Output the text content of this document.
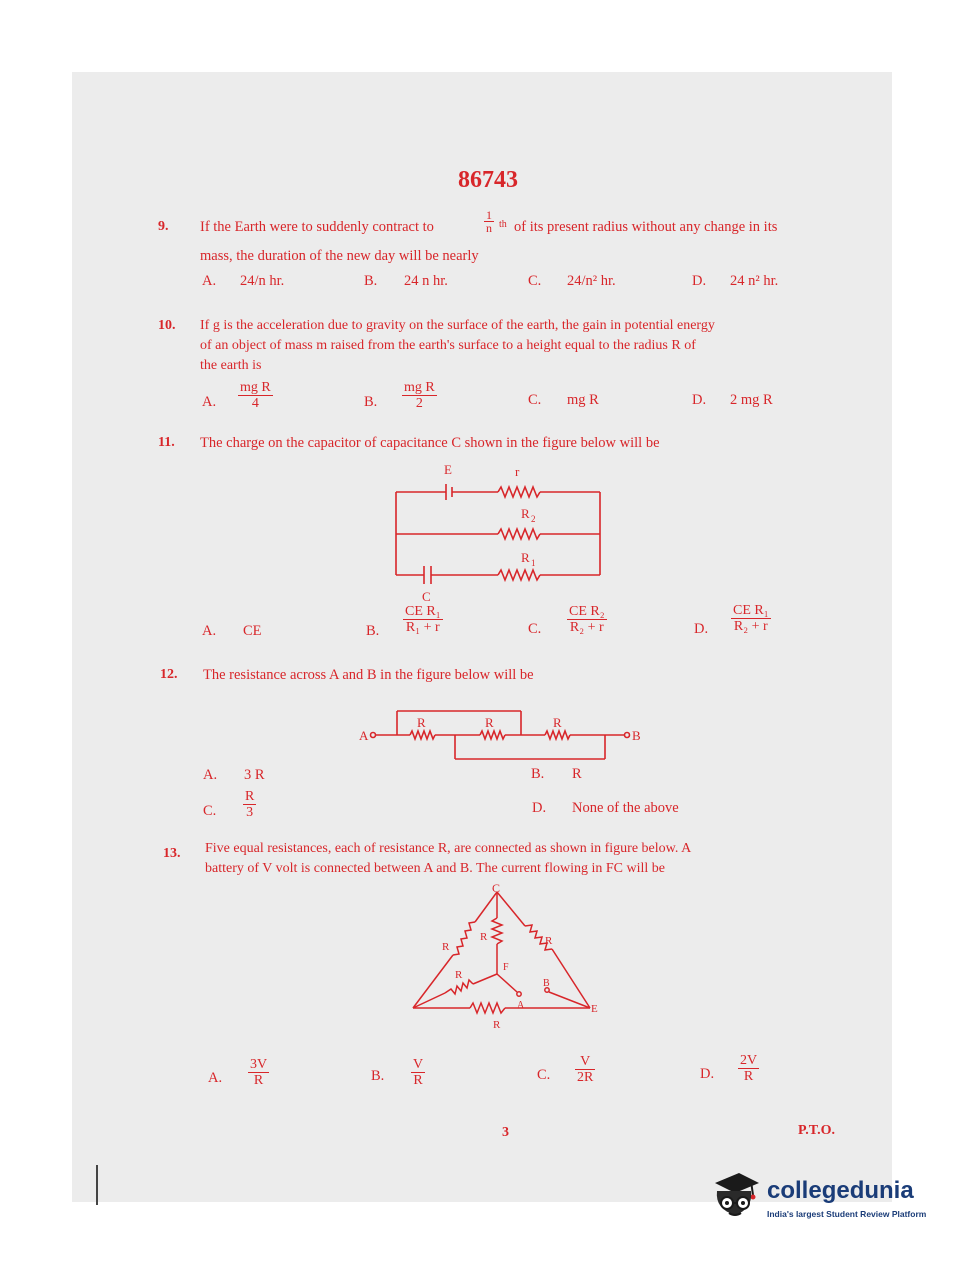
86743
9. If the Earth were to suddenly contract to	$\frac{1}{n}$ th of its present radius without any change in its
mass, the duration of the new day will be nearly
A. 24/n hr.	B. 24 n hr.	C. 24/n² hr.	D. 24 n² hr.
10. If g is the acceleration due to gravity on the surface of the earth, the gain in potential energy
of an object of mass m raised from the earth's surface to a height equal to the radius R of
the earth is
A. $\frac{\text{mg R}}{4}$	B. $\frac{\text{mg R}}{2}$	C. mg R	D. 2 mg R
11. The charge on the capacitor of capacitance C shown in the figure below will be
E	r
R 2
R 1
C
A. CE	B. $\frac{\text{CE R₁}}{\text{R₁ + r}}$	C. $\frac{\text{CE R₂}}{\text{R₂ + r}}$	D. $\frac{\text{CE R₁}}{\text{R₂ + r}}$
12. The resistance across A and B in the figure below will be
R	R	R
A	B
A. 3 R	B. R
C. $\frac{R}{3}$	D. None of the above
13. Five equal resistances, each of resistance R, are connected as shown in figure below. A
battery of V volt is connected between A and B. The current flowing in FC will be
C
R
R	R
R
F
A
B
E
R
A. $\frac{3V}{R}$	B. $\frac{V}{R}$	C. $\frac{V}{2R}$	D. $\frac{2V}{R}$
3	P.T.O.
collegedunia
India's largest Student Review Platform
